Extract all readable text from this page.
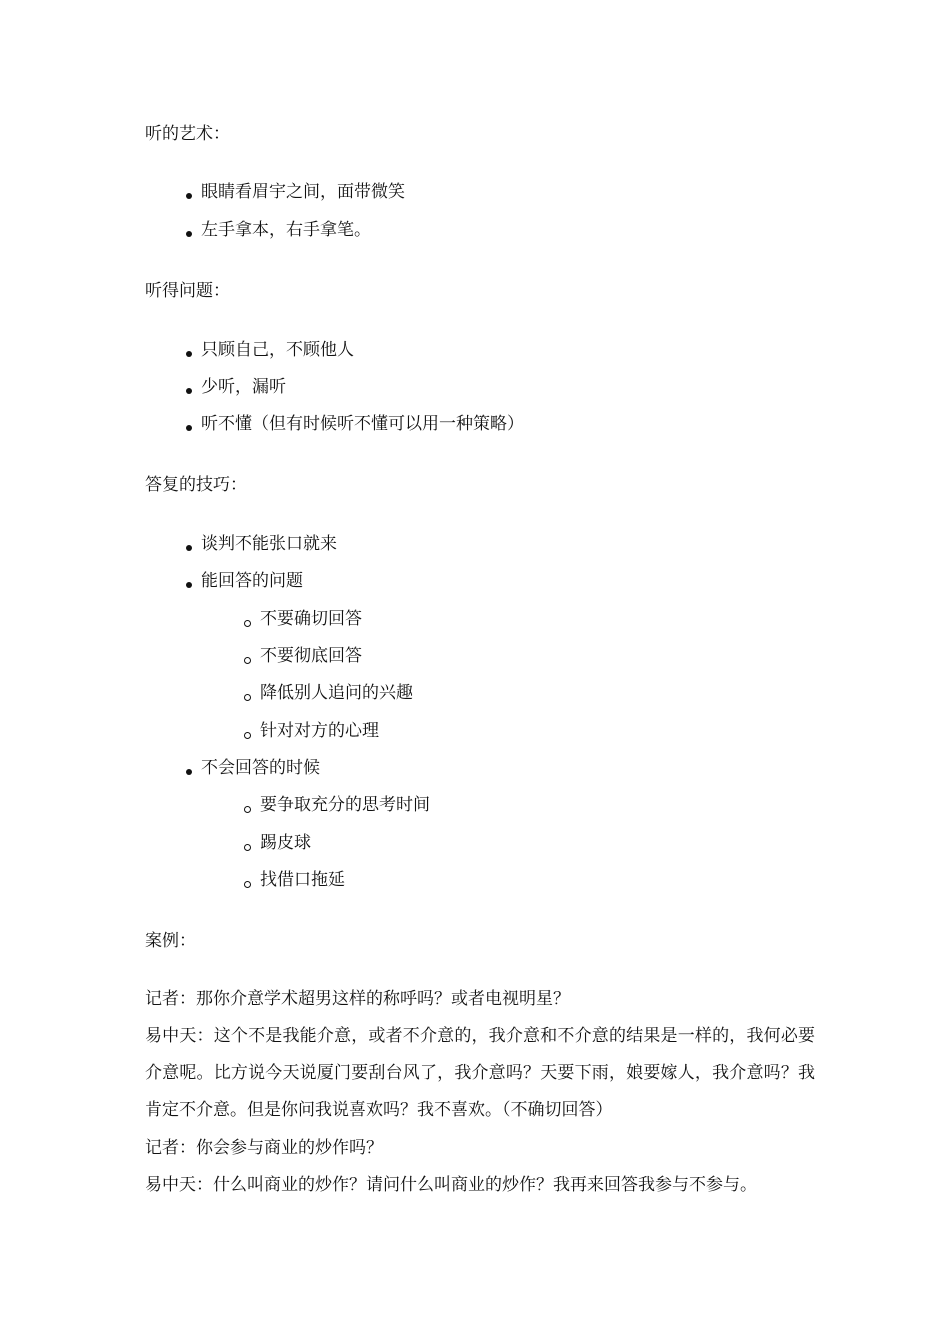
听的艺术：
眼睛看眉宇之间，面带微笑
左手拿本，右手拿笔。
听得问题：
只顾自己，不顾他人
少听，漏听
听不懂（但有时候听不懂可以用一种策略）
答复的技巧：
谈判不能张口就来
能回答的问题
不要确切回答
不要彻底回答
降低别人追问的兴趣
针对对方的心理
不会回答的时候
要争取充分的思考时间
踢皮球
找借口拖延
案例：
记者：那你介意学术超男这样的称呼吗？或者电视明星？
易中天：这个不是我能介意，或者不介意的，我介意和不介意的结果是一样的，我何必要介意呢。比方说今天说厦门要刮台风了，我介意吗？天要下雨，娘要嫁人，我介意吗？我肯定不介意。但是你问我说喜欢吗？我不喜欢。（不确切回答）
记者：你会参与商业的炒作吗？
易中天：什么叫商业的炒作？请问什么叫商业的炒作？我再来回答我参与不参与。
